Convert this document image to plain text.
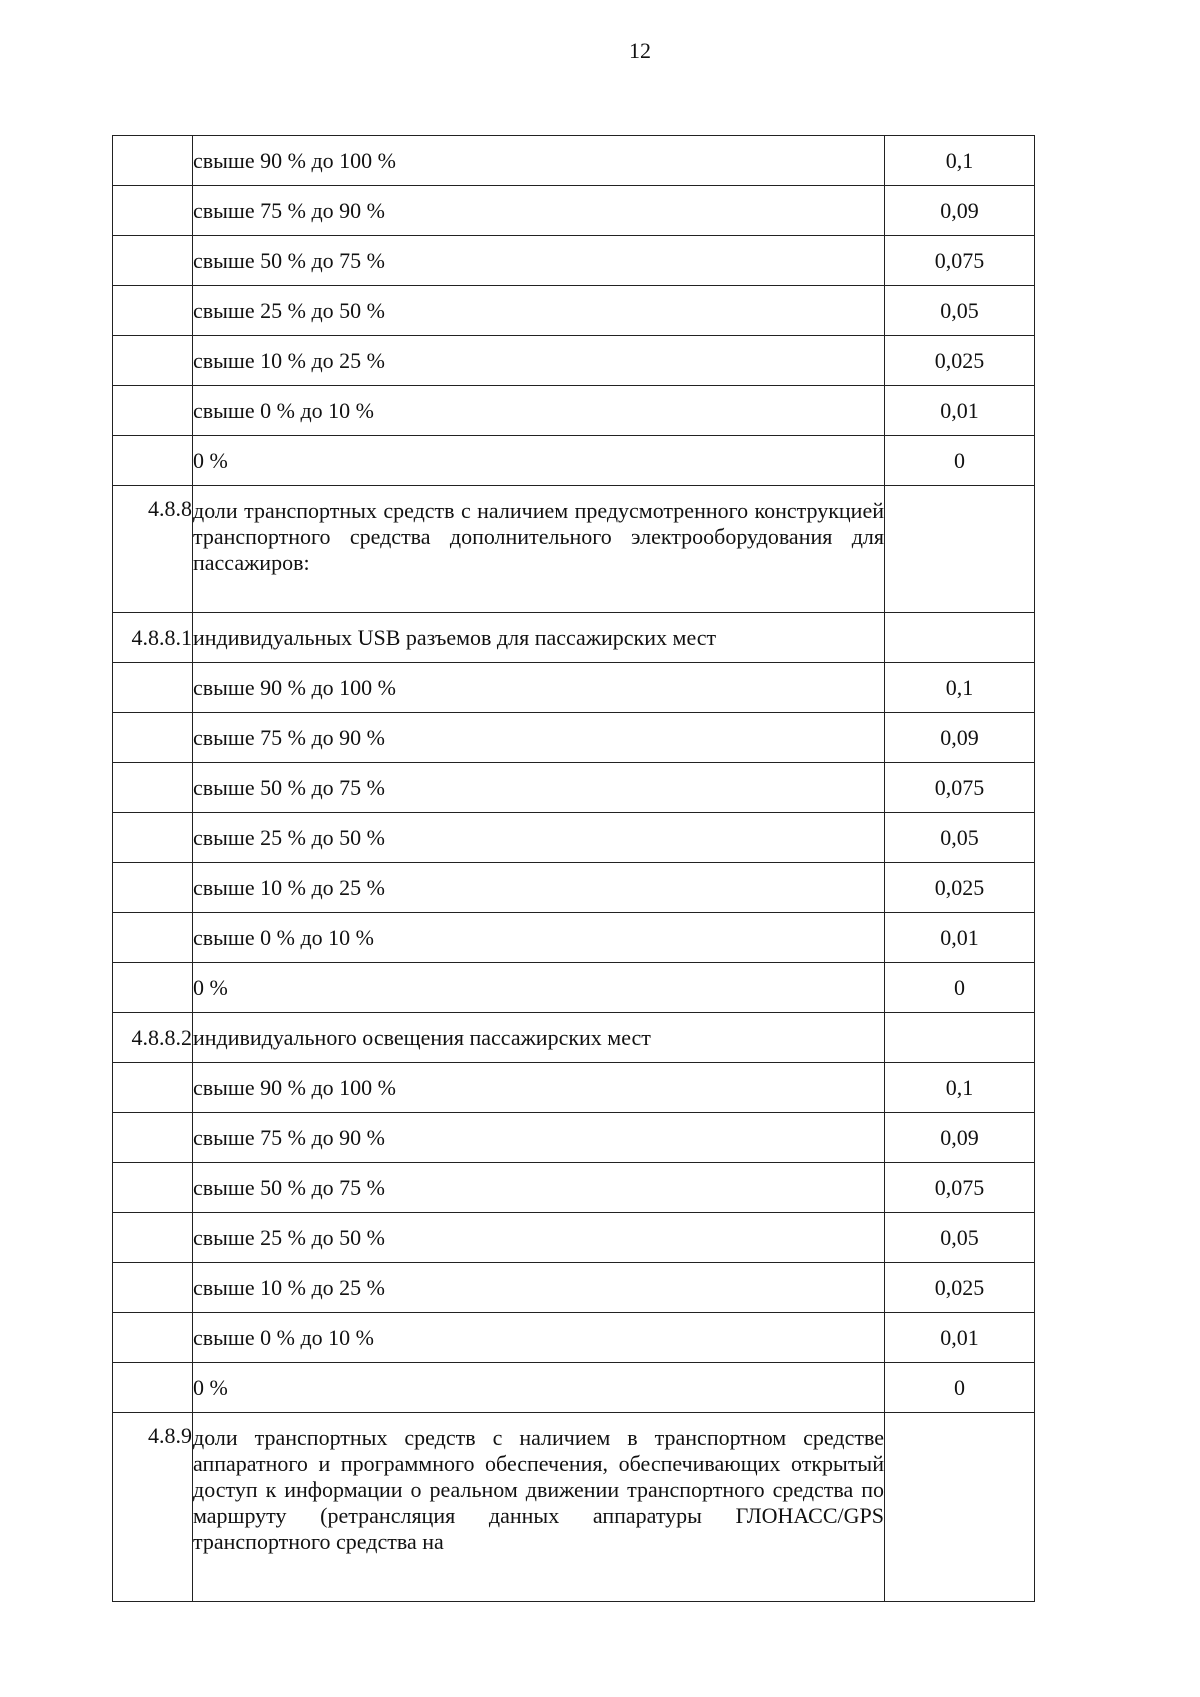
12
	свыше 90 % до 100 %	0,1
	свыше 75 % до 90 %	0,09
	свыше 50 % до 75 %	0,075
	свыше 25 % до 50 %	0,05
	свыше 10 % до 25 %	0,025
	свыше 0 % до 10 %	0,01
	0 %	0
4.8.8	доли транспортных средств с наличием предусмотренного конструкцией транспортного средства дополнительного электрооборудования для пассажиров:	
4.8.8.1	индивидуальных USB разъемов для пассажирских мест	
	свыше 90 % до 100 %	0,1
	свыше 75 % до 90 %	0,09
	свыше 50 % до 75 %	0,075
	свыше 25 % до 50 %	0,05
	свыше 10 % до 25 %	0,025
	свыше 0 % до 10 %	0,01
	0 %	0
4.8.8.2	индивидуального освещения пассажирских мест	
	свыше 90 % до 100 %	0,1
	свыше 75 % до 90 %	0,09
	свыше 50 % до 75 %	0,075
	свыше 25 % до 50 %	0,05
	свыше 10 % до 25 %	0,025
	свыше 0 % до 10 %	0,01
	0 %	0
4.8.9	доли транспортных средств с наличием в транспортном средстве аппаратного и программного обеспечения, обеспечивающих открытый доступ к информации о реальном движении транспортного средства по маршруту (ретрансляция данных аппаратуры ГЛОНАСС/GPS транспортного средства на	
